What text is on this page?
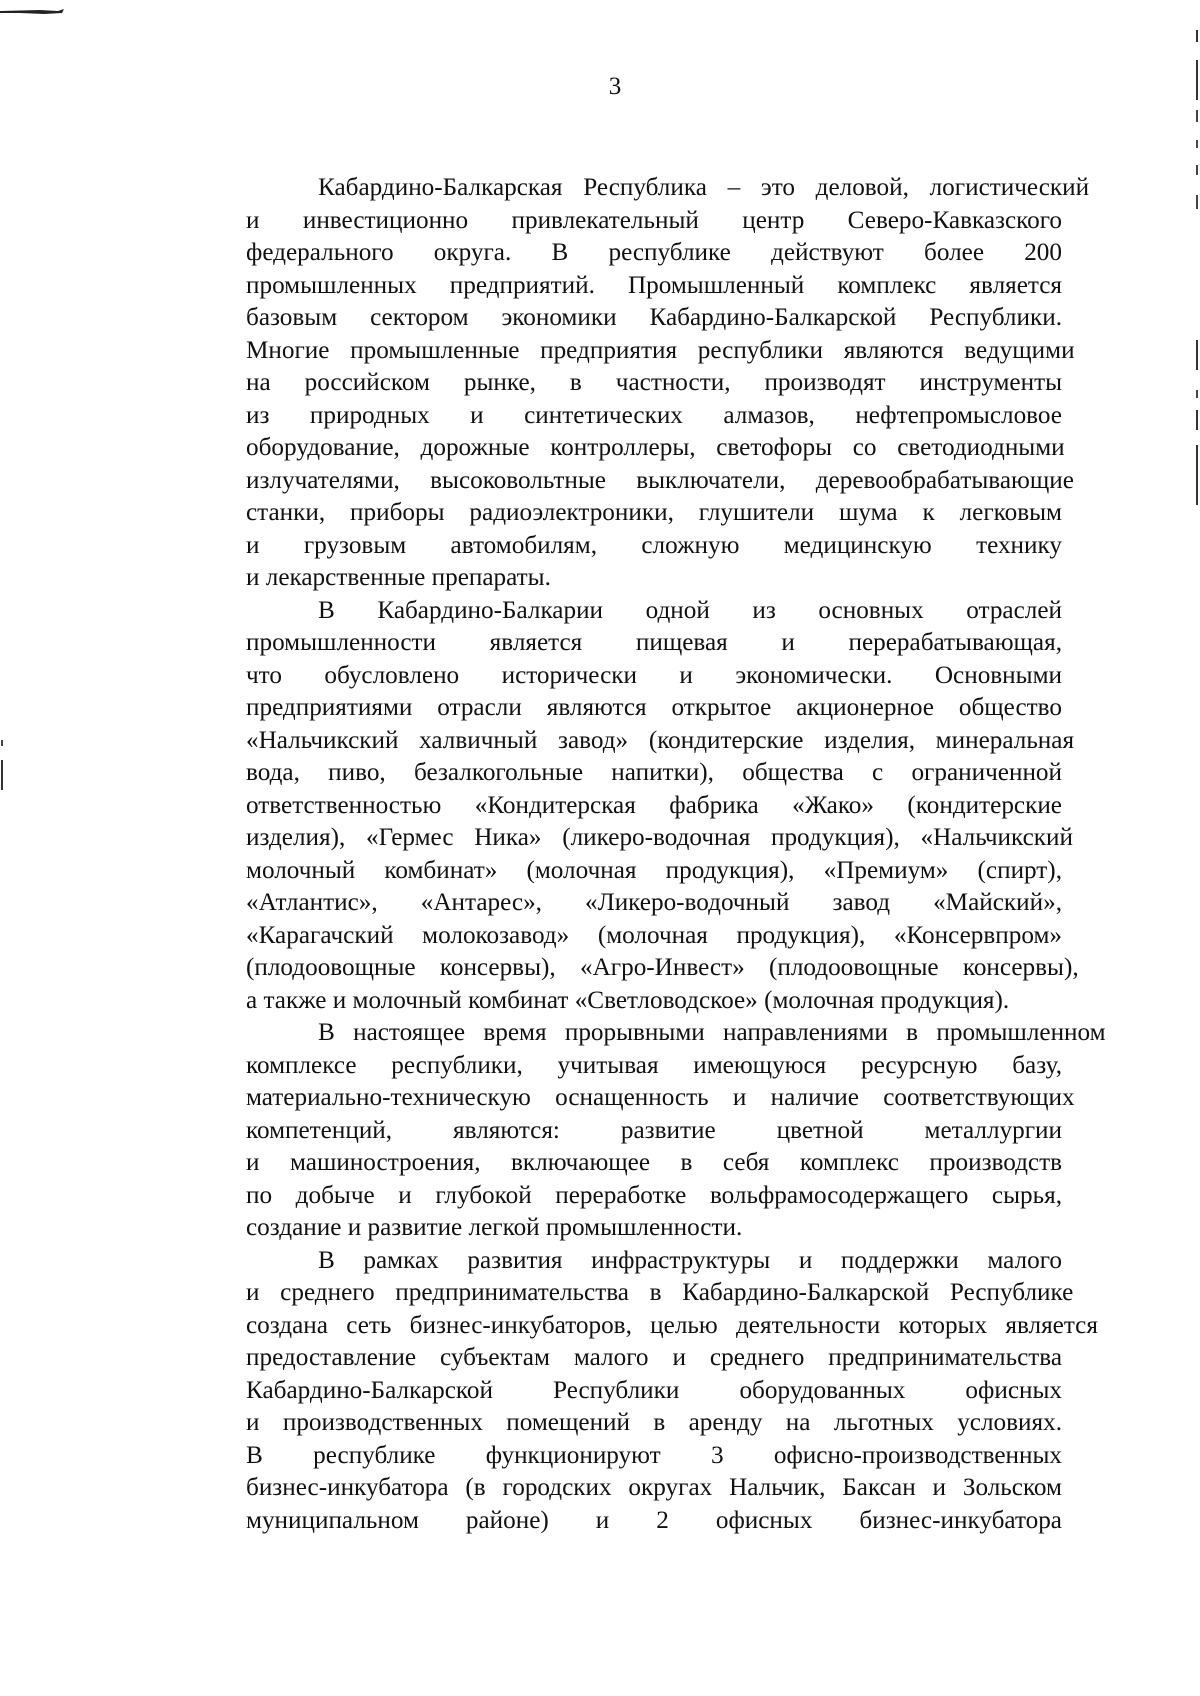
3
Кабардино-Балкарская Республика – это деловой, логистический
и инвестиционно привлекательный центр Северо-Кавказского
федерального округа. В республике действуют более 200
промышленных предприятий. Промышленный комплекс является
базовым сектором экономики Кабардино-Балкарской Республики.
Многие промышленные предприятия республики являются ведущими
на российском рынке, в частности, производят инструменты
из природных и синтетических алмазов, нефтепромысловое
оборудование, дорожные контроллеры, светофоры со светодиодными
излучателями, высоковольтные выключатели, деревообрабатывающие
станки, приборы радиоэлектроники, глушители шума к легковым
и грузовым автомобилям, сложную медицинскую технику
и лекарственные препараты.
В Кабардино-Балкарии одной из основных отраслей
промышленности является пищевая и перерабатывающая,
что обусловлено исторически и экономически. Основными
предприятиями отрасли являются открытое акционерное общество
«Нальчикский халвичный завод» (кондитерские изделия, минеральная
вода, пиво, безалкогольные напитки), общества с ограниченной
ответственностью «Кондитерская фабрика «Жако» (кондитерские
изделия), «Гермес Ника» (ликеро-водочная продукция), «Нальчикский
молочный комбинат» (молочная продукция), «Премиум» (спирт),
«Атлантис», «Антарес», «Ликеро-водочный завод «Майский»,
«Карагачский молокозавод» (молочная продукция), «Консервпром»
(плодоовощные консервы), «Агро-Инвест» (плодоовощные консервы),
а также и молочный комбинат «Светловодское» (молочная продукция).
В настоящее время прорывными направлениями в промышленном
комплексе республики, учитывая имеющуюся ресурсную базу,
материально-техническую оснащенность и наличие соответствующих
компетенций, являются: развитие цветной металлургии
и машиностроения, включающее в себя комплекс производств
по добыче и глубокой переработке вольфрамосодержащего сырья,
создание и развитие легкой промышленности.
В рамках развития инфраструктуры и поддержки малого
и среднего предпринимательства в Кабардино-Балкарской Республике
создана сеть бизнес-инкубаторов, целью деятельности которых является
предоставление субъектам малого и среднего предпринимательства
Кабардино-Балкарской Республики оборудованных офисных
и производственных помещений в аренду на льготных условиях.
В республике функционируют 3 офисно-производственных
бизнес-инкубатора (в городских округах Нальчик, Баксан и Зольском
муниципальном районе) и 2 офисных бизнес-инкубатора
